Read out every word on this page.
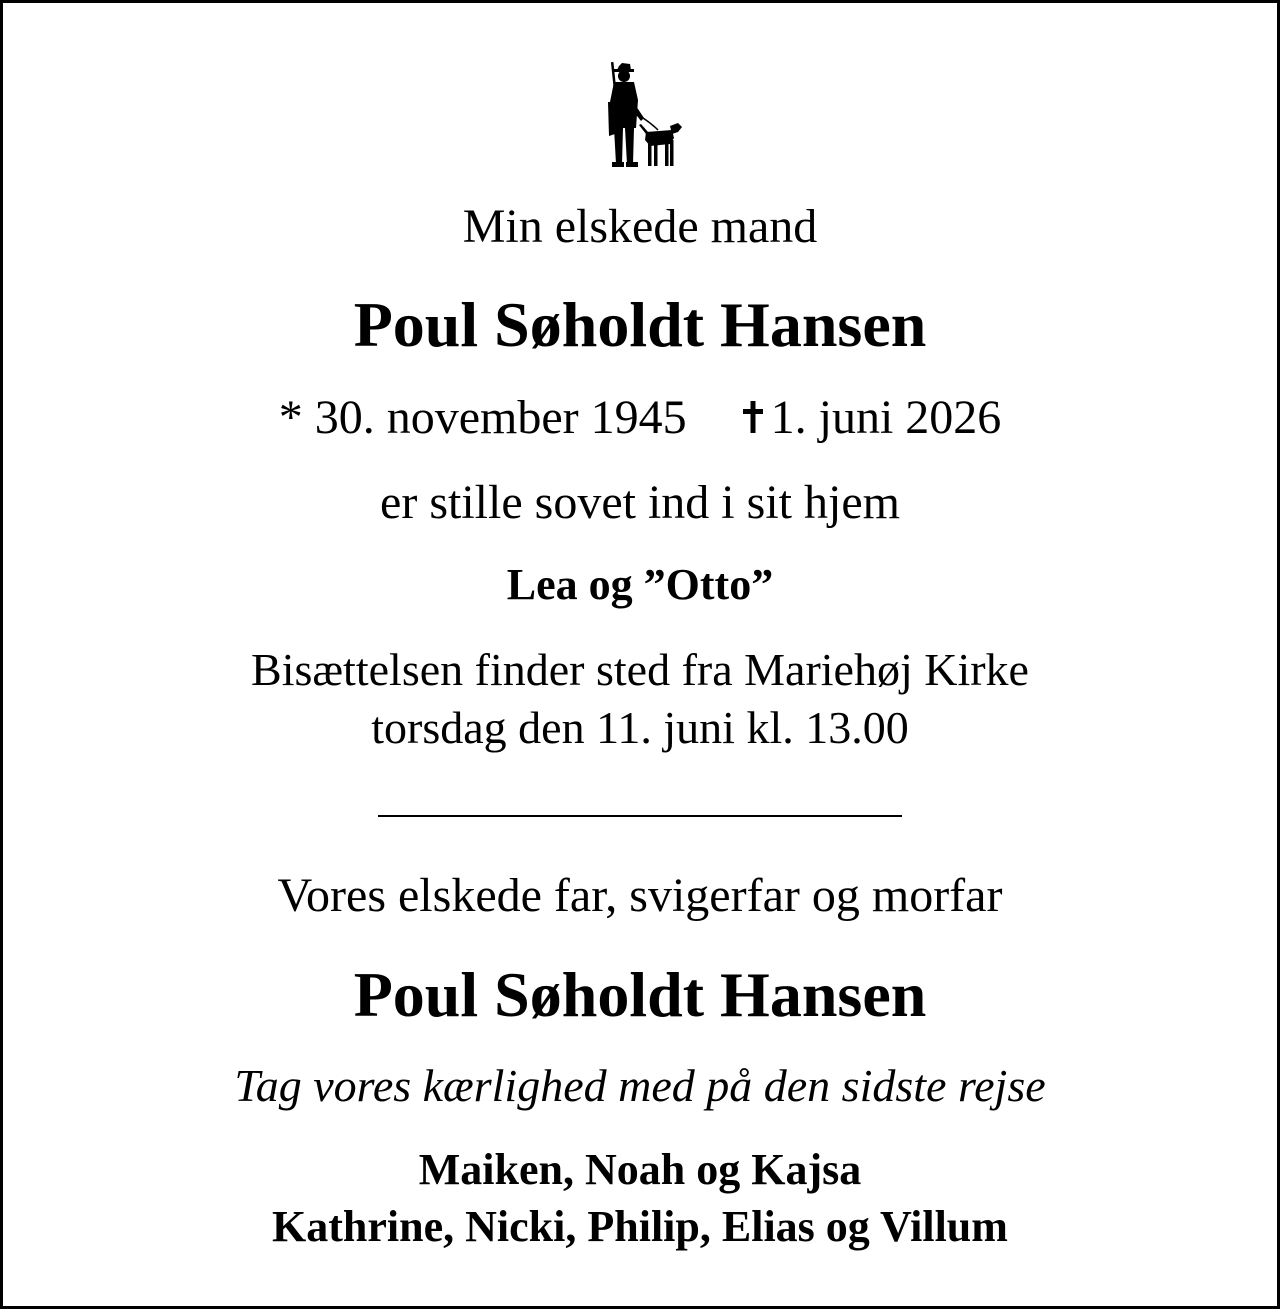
Min elskede mand
Poul Søholdt Hansen
* 30. november 1945 1. juni 2026
er stille sovet ind i sit hjem
Lea og ”Otto”
Bisættelsen finder sted fra Mariehøj Kirke
torsdag den 11. juni kl. 13.00
Vores elskede far, svigerfar og morfar
Poul Søholdt Hansen
Tag vores kærlighed med på den sidste rejse
Maiken, Noah og Kajsa
Kathrine, Nicki, Philip, Elias og Villum
